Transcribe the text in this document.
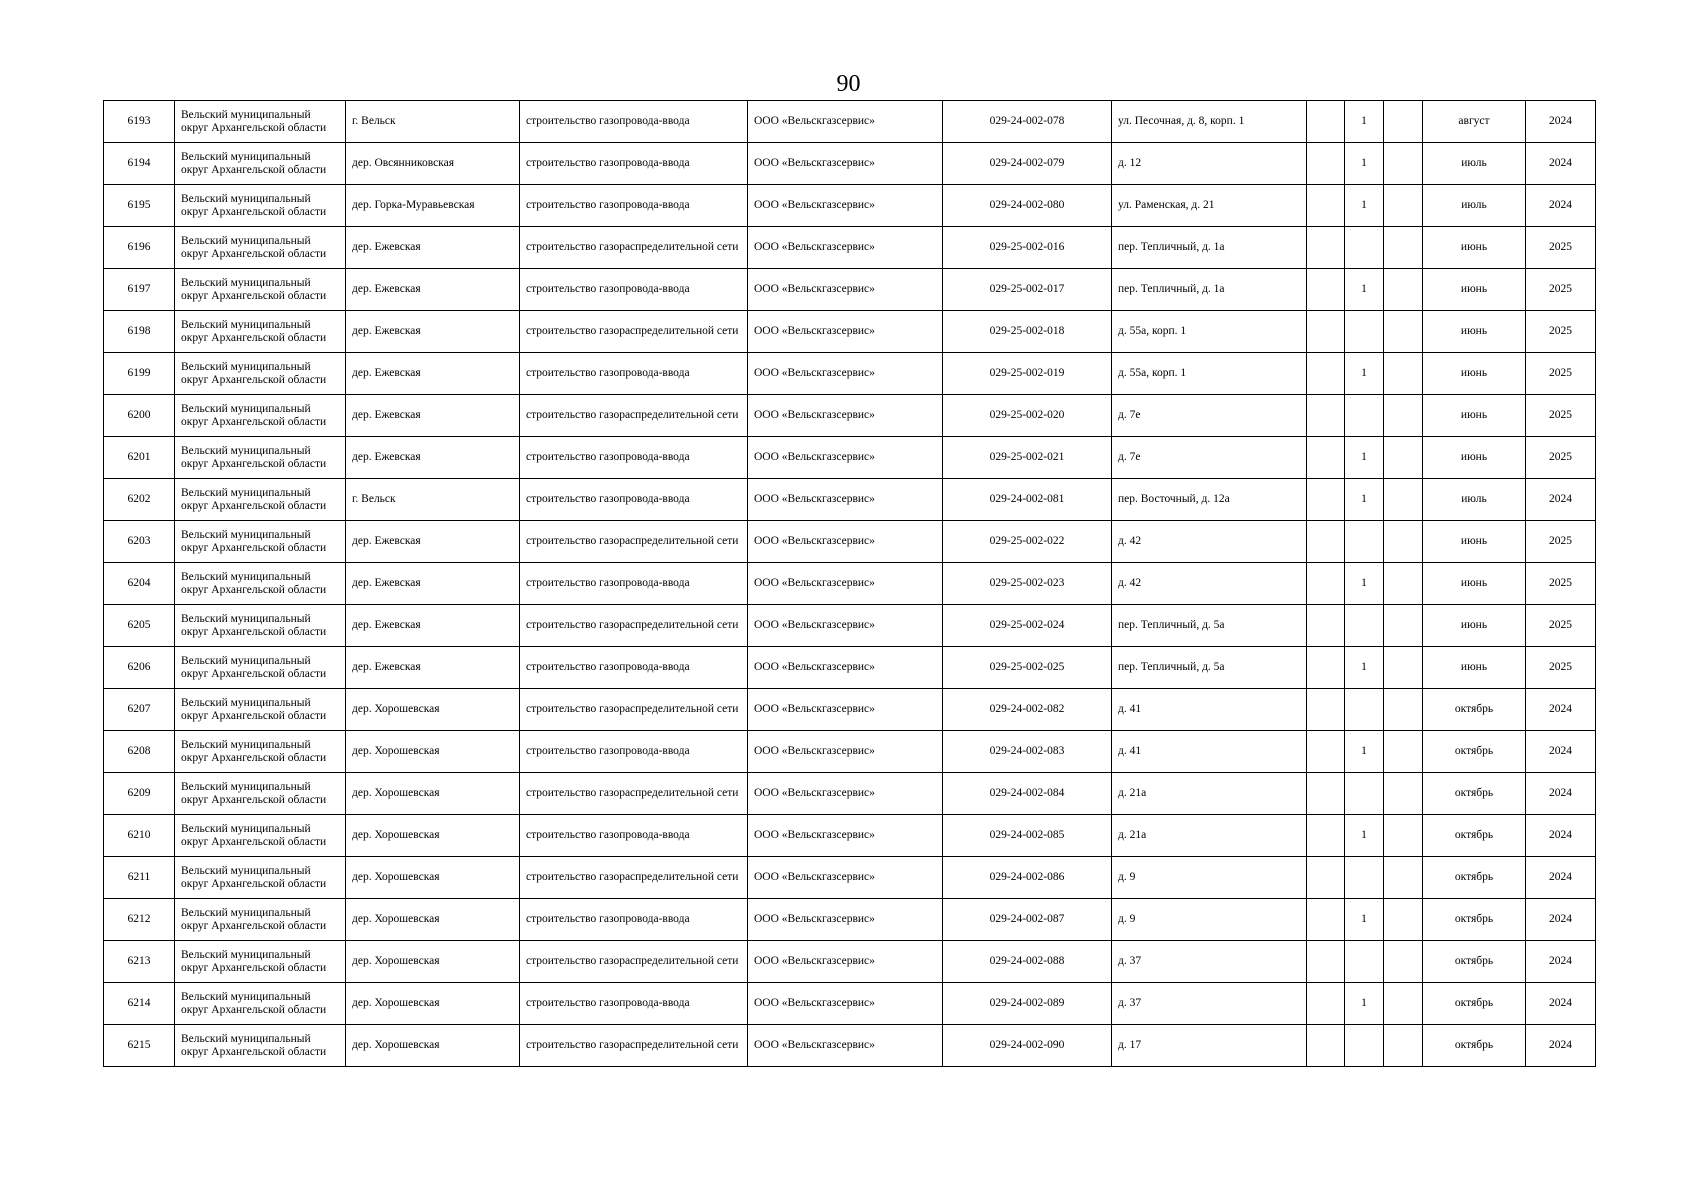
90
6193	Вельский муниципальный округ Архангельской области	г. Вельск	строительство газопровода-ввода	ООО «Вельскгазсервис»	029-24-002-078	ул. Песочная, д. 8, корп. 1		1		август	2024
6194	Вельский муниципальный округ Архангельской области	дер. Овсянниковская	строительство газопровода-ввода	ООО «Вельскгазсервис»	029-24-002-079	д. 12		1		июль	2024
6195	Вельский муниципальный округ Архангельской области	дер. Горка-Муравьевская	строительство газопровода-ввода	ООО «Вельскгазсервис»	029-24-002-080	ул. Раменская, д. 21		1		июль	2024
6196	Вельский муниципальный округ Архангельской области	дер. Ежевская	строительство газораспределительной сети	ООО «Вельскгазсервис»	029-25-002-016	пер. Тепличный, д. 1а				июнь	2025
6197	Вельский муниципальный округ Архангельской области	дер. Ежевская	строительство газопровода-ввода	ООО «Вельскгазсервис»	029-25-002-017	пер. Тепличный, д. 1а		1		июнь	2025
6198	Вельский муниципальный округ Архангельской области	дер. Ежевская	строительство газораспределительной сети	ООО «Вельскгазсервис»	029-25-002-018	д. 55а, корп. 1				июнь	2025
6199	Вельский муниципальный округ Архангельской области	дер. Ежевская	строительство газопровода-ввода	ООО «Вельскгазсервис»	029-25-002-019	д. 55а, корп. 1		1		июнь	2025
6200	Вельский муниципальный округ Архангельской области	дер. Ежевская	строительство газораспределительной сети	ООО «Вельскгазсервис»	029-25-002-020	д. 7е				июнь	2025
6201	Вельский муниципальный округ Архангельской области	дер. Ежевская	строительство газопровода-ввода	ООО «Вельскгазсервис»	029-25-002-021	д. 7е		1		июнь	2025
6202	Вельский муниципальный округ Архангельской области	г. Вельск	строительство газопровода-ввода	ООО «Вельскгазсервис»	029-24-002-081	пер. Восточный, д. 12а		1		июль	2024
6203	Вельский муниципальный округ Архангельской области	дер. Ежевская	строительство газораспределительной сети	ООО «Вельскгазсервис»	029-25-002-022	д. 42				июнь	2025
6204	Вельский муниципальный округ Архангельской области	дер. Ежевская	строительство газопровода-ввода	ООО «Вельскгазсервис»	029-25-002-023	д. 42		1		июнь	2025
6205	Вельский муниципальный округ Архангельской области	дер. Ежевская	строительство газораспределительной сети	ООО «Вельскгазсервис»	029-25-002-024	пер. Тепличный, д. 5а				июнь	2025
6206	Вельский муниципальный округ Архангельской области	дер. Ежевская	строительство газопровода-ввода	ООО «Вельскгазсервис»	029-25-002-025	пер. Тепличный, д. 5а		1		июнь	2025
6207	Вельский муниципальный округ Архангельской области	дер. Хорошевская	строительство газораспределительной сети	ООО «Вельскгазсервис»	029-24-002-082	д. 41				октябрь	2024
6208	Вельский муниципальный округ Архангельской области	дер. Хорошевская	строительство газопровода-ввода	ООО «Вельскгазсервис»	029-24-002-083	д. 41		1		октябрь	2024
6209	Вельский муниципальный округ Архангельской области	дер. Хорошевская	строительство газораспределительной сети	ООО «Вельскгазсервис»	029-24-002-084	д. 21а				октябрь	2024
6210	Вельский муниципальный округ Архангельской области	дер. Хорошевская	строительство газопровода-ввода	ООО «Вельскгазсервис»	029-24-002-085	д. 21а		1		октябрь	2024
6211	Вельский муниципальный округ Архангельской области	дер. Хорошевская	строительство газораспределительной сети	ООО «Вельскгазсервис»	029-24-002-086	д. 9				октябрь	2024
6212	Вельский муниципальный округ Архангельской области	дер. Хорошевская	строительство газопровода-ввода	ООО «Вельскгазсервис»	029-24-002-087	д. 9		1		октябрь	2024
6213	Вельский муниципальный округ Архангельской области	дер. Хорошевская	строительство газораспределительной сети	ООО «Вельскгазсервис»	029-24-002-088	д. 37				октябрь	2024
6214	Вельский муниципальный округ Архангельской области	дер. Хорошевская	строительство газопровода-ввода	ООО «Вельскгазсервис»	029-24-002-089	д. 37		1		октябрь	2024
6215	Вельский муниципальный округ Архангельской области	дер. Хорошевская	строительство газораспределительной сети	ООО «Вельскгазсервис»	029-24-002-090	д. 17				октябрь	2024
